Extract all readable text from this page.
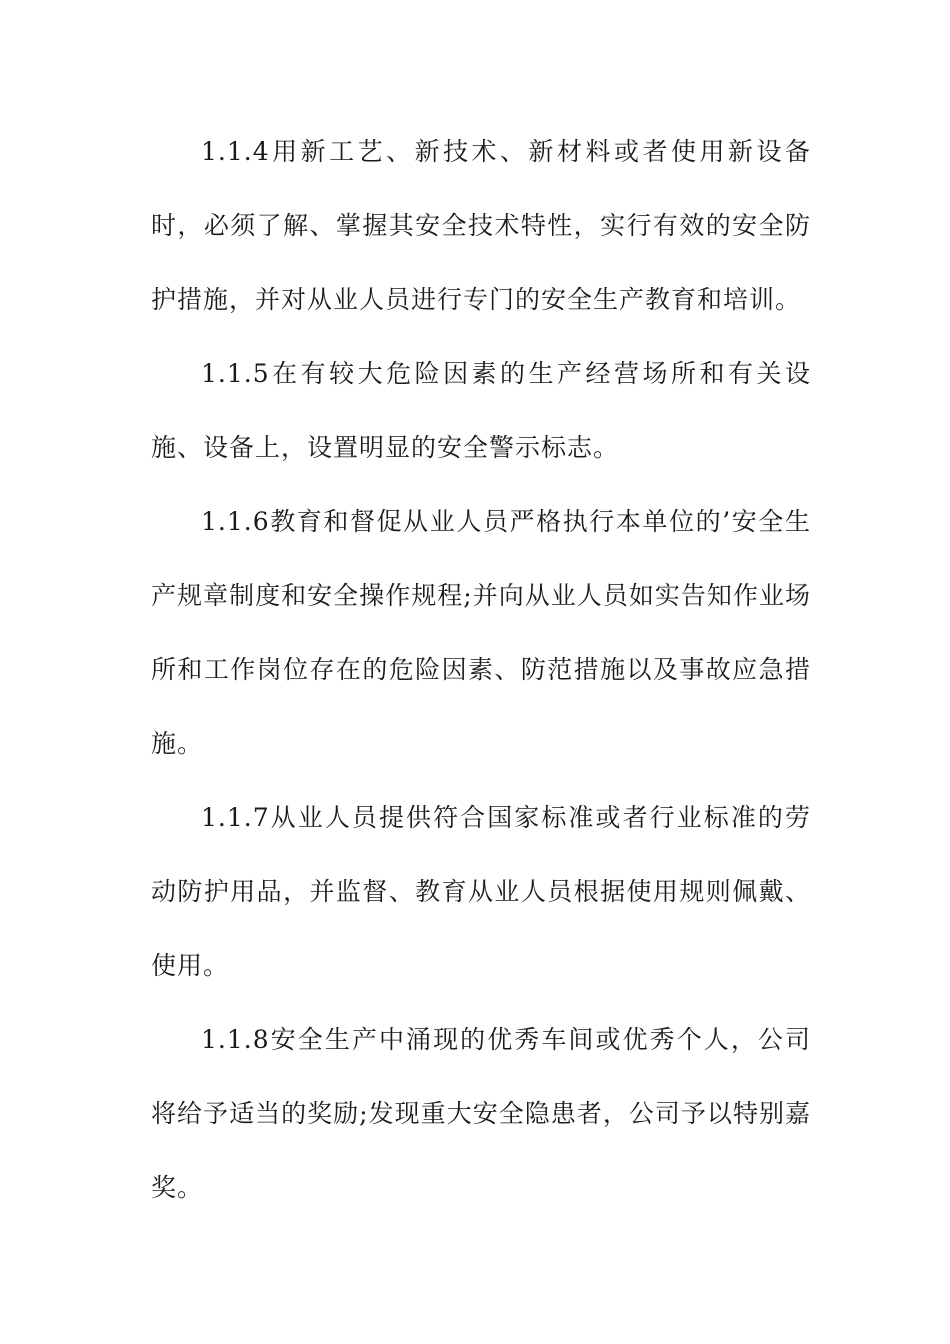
1.1.4用新工艺、新技术、新材料或者使用新设备时，必须了解、掌握其安全技术特性，实行有效的安全防护措施，并对从业人员进行专门的安全生产教育和培训。

1.1.5在有较大危险因素的生产经营场所和有关设施、设备上，设置明显的安全警示标志。

1.1.6教育和督促从业人员严格执行本单位的’安全生产规章制度和安全操作规程;并向从业人员如实告知作业场所和工作岗位存在的危险因素、防范措施以及事故应急措施。

1.1.7从业人员提供符合国家标准或者行业标准的劳动防护用品，并监督、教育从业人员根据使用规则佩戴、使用。

1.1.8安全生产中涌现的优秀车间或优秀个人，公司将给予适当的奖励;发现重大安全隐患者，公司予以特别嘉奖。
